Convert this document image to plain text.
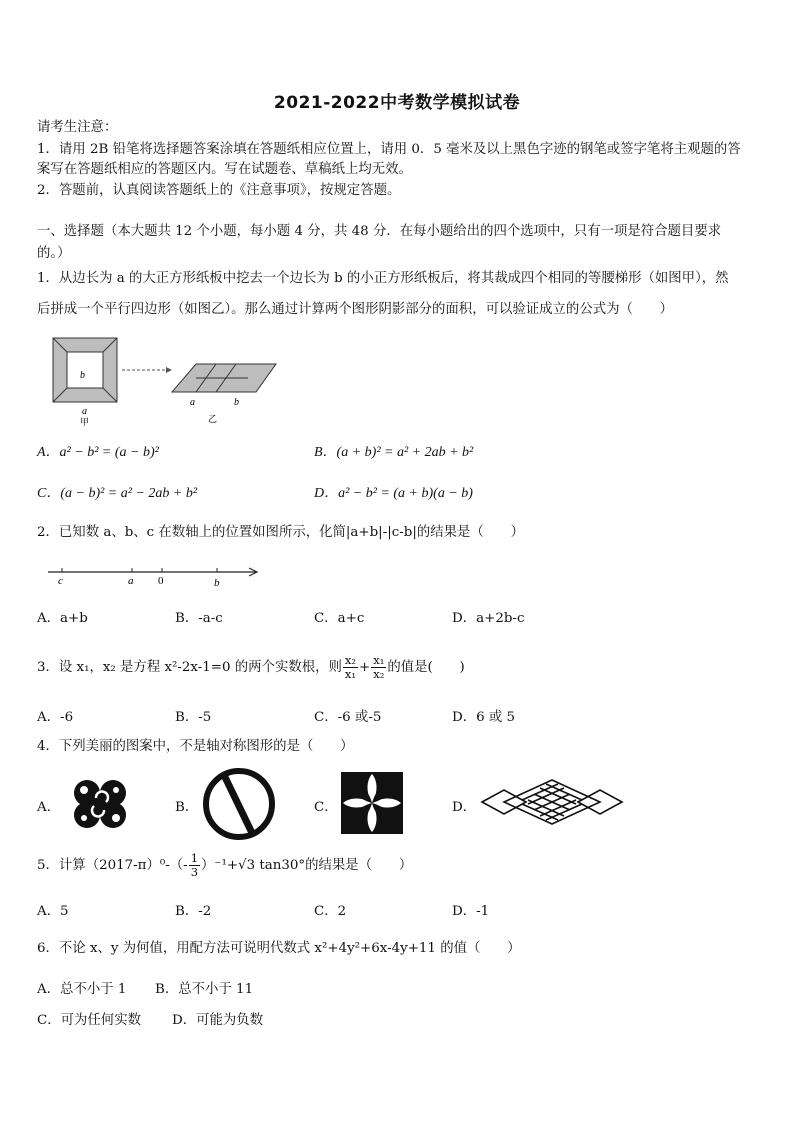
2021-2022中考数学模拟试卷
请考生注意：
1．请用 2B 铅笔将选择题答案涂填在答题纸相应位置上，请用 0．5 毫米及以上黑色字迹的钢笔或签字笔将主观题的答
案写在答题纸相应的答题区内。写在试题卷、草稿纸上均无效。
2．答题前，认真阅读答题纸上的《注意事项》，按规定答题。
一、选择题（本大题共 12 个小题，每小题 4 分，共 48 分．在每小题给出的四个选项中，只有一项是符合题目要求
的。）
1．从边长为 a 的大正方形纸板中挖去一个边长为 b 的小正方形纸板后，将其裁成四个相同的等腰梯形（如图甲），然
后拼成一个平行四边形（如图乙）。那么通过计算两个图形阴影部分的面积，可以验证成立的公式为（　　）
b
a
甲
a	b
乙
A．a² − b² = (a − b)²	B．(a + b)² = a² + 2ab + b²
C．(a − b)² = a² − 2ab + b²	D．a² − b² = (a + b)(a − b)
2．已知数 a、b、c 在数轴上的位置如图所示，化简|a+b|-|c-b|的结果是（　　）
c	a 0	b
A．a+b	B．-a-c	C．a+c	D．a+2b-c
3．设 x₁，x₂ 是方程 x²-2x-1=0 的两个实数根，则 $\frac{\text{x₂}}{\text{x₁}} + \frac{\text{x₁}}{\text{x₂}}$ 的值是(　　)
A．-6	B．-5	C．-6 或-5	D．6 或 5
4．下列美丽的图案中，不是轴对称图形的是（　　）
A．	B．	C．	D．
5．计算$(2017-\pi)^0-(- \frac{1}{3} )^{-1}+√3$ tan30°的结果是（　　）
A．5	B．-2	C．2	D．-1
6．不论 x、y 为何值，用配方法可说明代数式 x²+4y²+6x-4y+11 的值（　　）
A．总不小于 1 B．总不小于 11
C．可为任何实数 D．可能为负数
